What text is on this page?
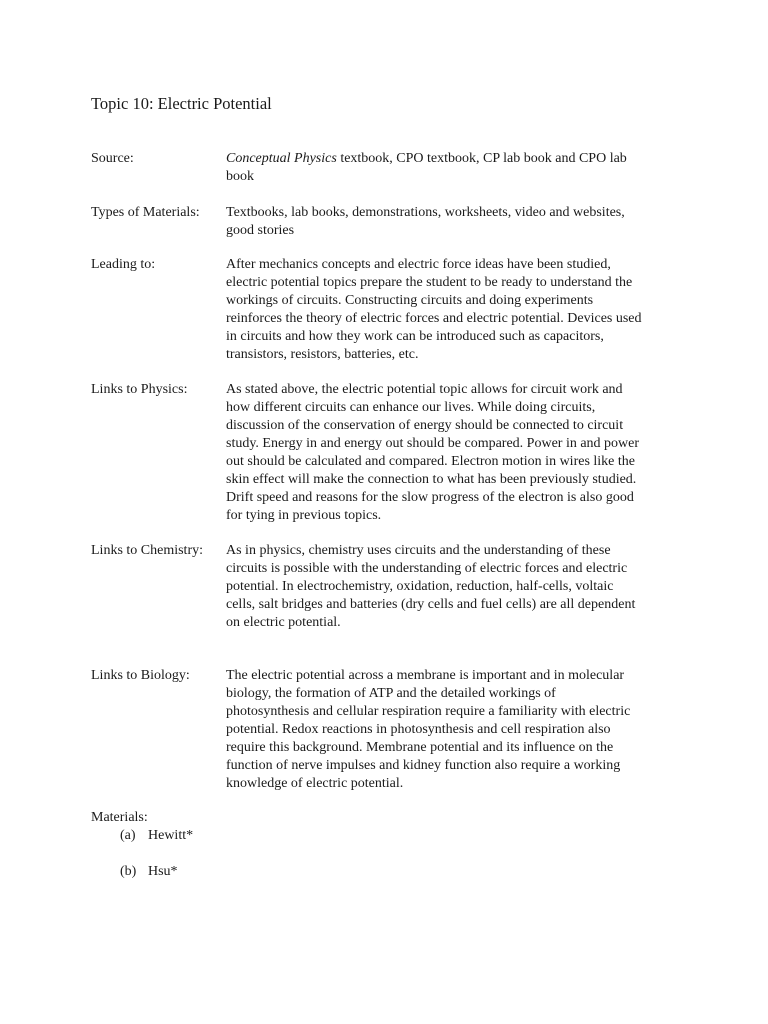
Topic 10: Electric Potential
Source:	Conceptual Physics textbook, CPO textbook, CP lab book and CPO lab
book
Types of Materials: Textbooks, lab books, demonstrations, worksheets, video and websites,
good stories
Leading to:	After mechanics concepts and electric force ideas have been studied,
electric potential topics prepare the student to be ready to understand the
workings of circuits. Constructing circuits and doing experiments
reinforces the theory of electric forces and electric potential. Devices used
in circuits and how they work can be introduced such as capacitors,
transistors, resistors, batteries, etc.
Links to Physics:	As stated above, the electric potential topic allows for circuit work and
how different circuits can enhance our lives. While doing circuits,
discussion of the conservation of energy should be connected to circuit
study. Energy in and energy out should be compared. Power in and power
out should be calculated and compared. Electron motion in wires like the
skin effect will make the connection to what has been previously studied.
Drift speed and reasons for the slow progress of the electron is also good
for tying in previous topics.
Links to Chemistry: As in physics, chemistry uses circuits and the understanding of these
circuits is possible with the understanding of electric forces and electric
potential. In electrochemistry, oxidation, reduction, half-cells, voltaic
cells, salt bridges and batteries (dry cells and fuel cells) are all dependent
on electric potential.
Links to Biology:	The electric potential across a membrane is important and in molecular
biology, the formation of ATP and the detailed workings of
photosynthesis and cellular respiration require a familiarity with electric
potential. Redox reactions in photosynthesis and cell respiration also
require this background. Membrane potential and its influence on the
function of nerve impulses and kidney function also require a working
knowledge of electric potential.
Materials:
(a) Hewitt*
(b) Hsu*
